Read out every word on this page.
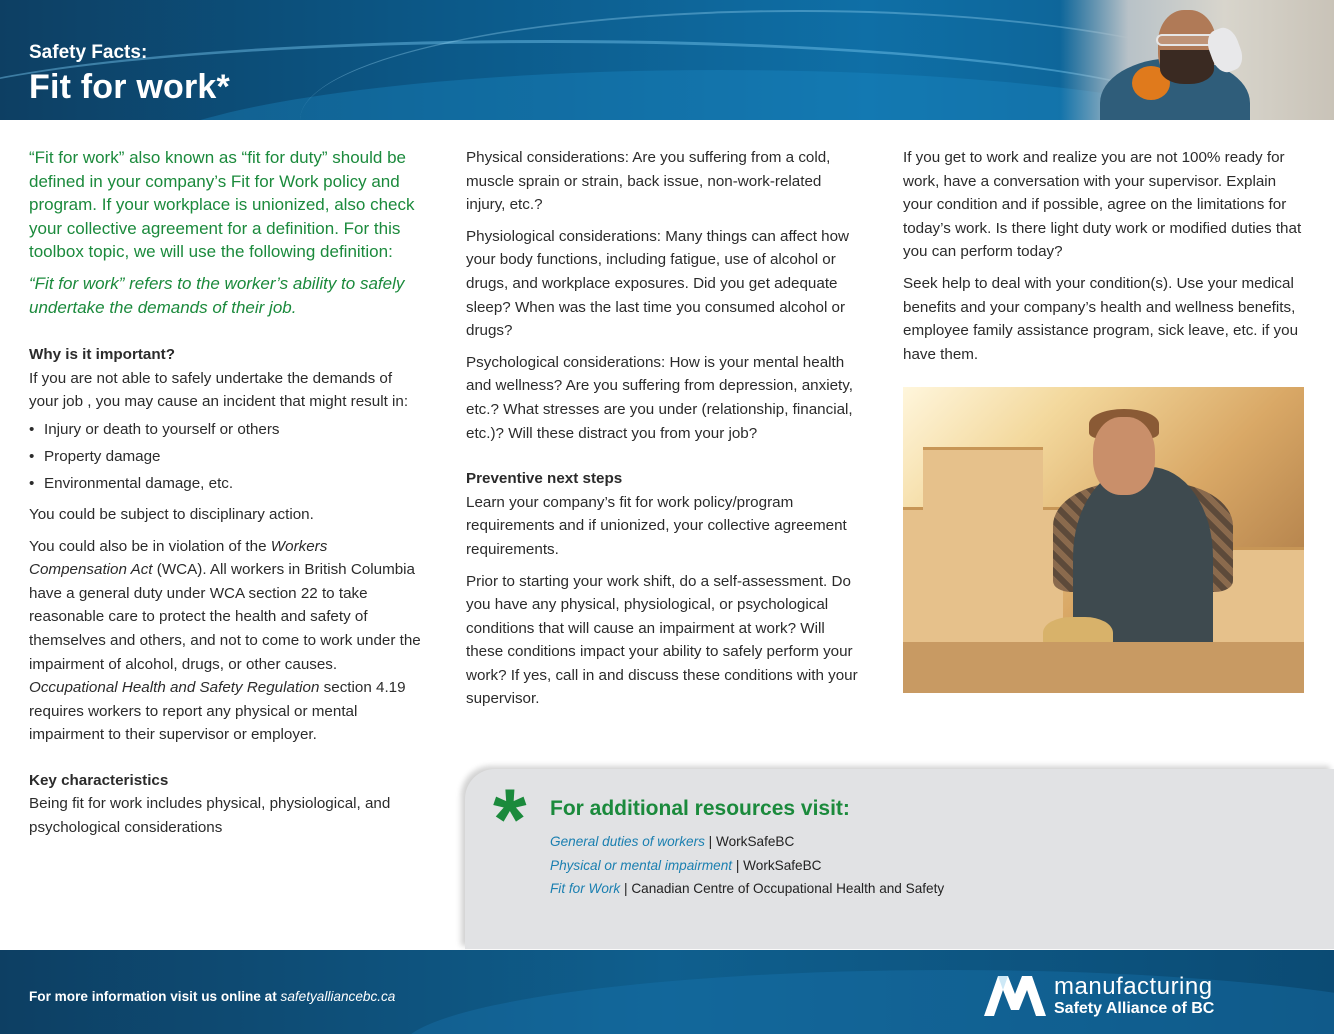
Safety Facts:
Fit for work*

“Fit for work” also known as “fit for duty” should be defined in your company’s Fit for Work policy and program. If your workplace is unionized, also check your collective agreement for a definition. For this toolbox topic, we will use the following definition:

“Fit for work” refers to the worker’s ability to safely undertake the demands of their job.

Why is it important?

If you are not able to safely undertake the demands of your job , you may cause an incident that might result in:

• Injury or death to yourself or others
• Property damage
• Environmental damage, etc.

You could be subject to disciplinary action.

You could also be in violation of the Workers Compensation Act (WCA). All workers in British Columbia have a general duty under WCA section 22 to take reasonable care to protect the health and safety of themselves and others, and not to come to work under the impairment of alcohol, drugs, or other causes. Occupational Health and Safety Regulation section 4.19 requires workers to report any physical or mental impairment to their supervisor or employer.

Key characteristics

Being fit for work includes physical, physiological, and psychological considerations

Physical considerations: Are you suffering from a cold, muscle sprain or strain, back issue, non-work-related injury, etc.?

Physiological considerations: Many things can affect how your body functions, including fatigue, use of alcohol or drugs, and workplace exposures. Did you get adequate sleep? When was the last time you consumed alcohol or drugs?

Psychological considerations: How is your mental health and wellness? Are you suffering from depression, anxiety, etc.? What stresses are you under (relationship, financial, etc.)? Will these distract you from your job?

Preventive next steps

Learn your company’s fit for work policy/program requirements and if unionized, your collective agreement requirements.

Prior to starting your work shift, do a self-assessment. Do you have any physical, physiological, or psychological conditions that will cause an impairment at work? Will these conditions impact your ability to safely perform your work? If yes, call in and discuss these conditions with your supervisor.

If you get to work and realize you are not 100% ready for work, have a conversation with your supervisor. Explain your condition and if possible, agree on the limitations for today’s work. Is there light duty work or modified duties that you can perform today?

Seek help to deal with your condition(s). Use your medical benefits and your company’s health and wellness benefits, employee family assistance program, sick leave, etc. if you have them.

* For additional resources visit:
General duties of workers | WorkSafeBC
Physical or mental impairment | WorkSafeBC
Fit for Work | Canadian Centre of Occupational Health and Safety
For more information visit us online at safetyalliancebc.ca	manufacturing
Safety Alliance of BC
